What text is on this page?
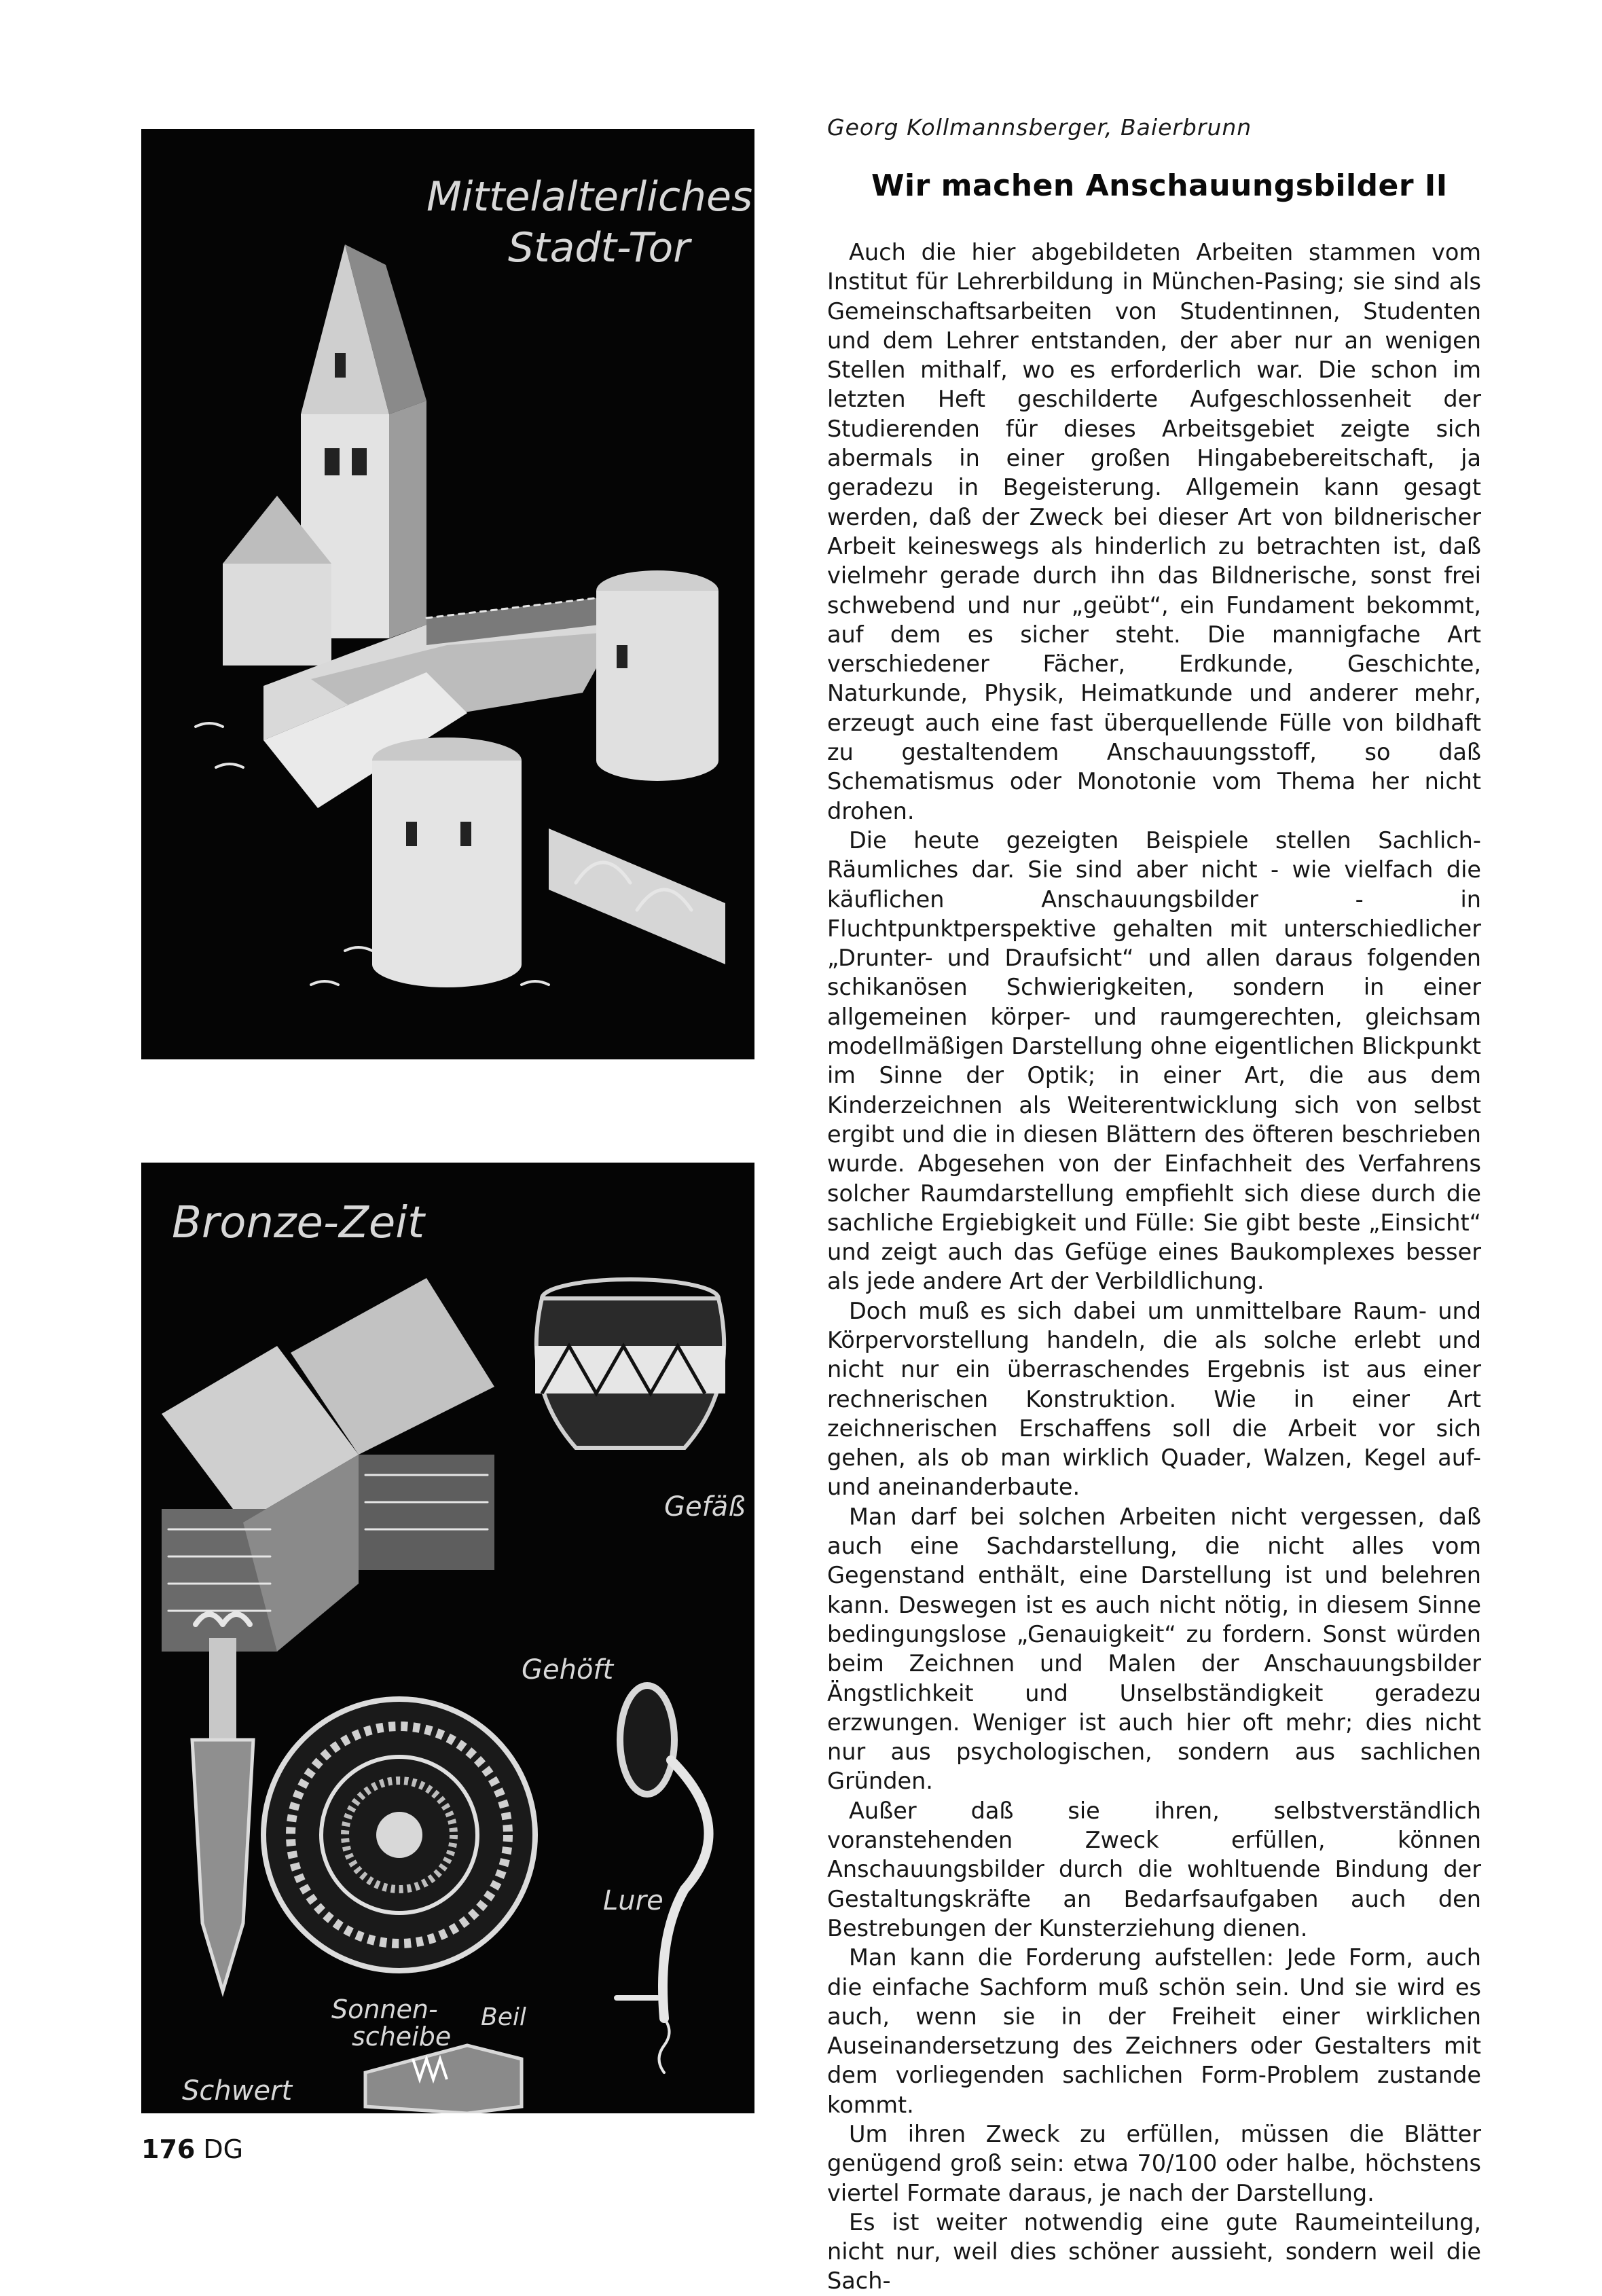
Mittelalterliches
Stadt-Tor
Bronze-Zeit
Gefäß
Gehöft
Lure
Sonnen-
scheibe
Schwert
Beil
Georg Kollmannsberger, Baierbrunn
Wir machen Anschauungsbilder II

Auch die hier abgebildeten Arbeiten stammen vom Institut für Lehrerbildung in München-Pasing; sie sind als Gemeinschaftsarbeiten von Studentinnen, Studenten und dem Lehrer entstanden, der aber nur an wenigen Stellen mithalf, wo es erforderlich war. Die schon im letzten Heft geschilderte Aufgeschlossenheit der Studierenden für dieses Arbeitsgebiet zeigte sich abermals in einer großen Hingabebereitschaft, ja geradezu in Begeisterung. Allgemein kann gesagt werden, daß der Zweck bei dieser Art von bildnerischer Arbeit keineswegs als hinderlich zu betrachten ist, daß vielmehr gerade durch ihn das Bildnerische, sonst frei schwebend und nur „geübt“, ein Fundament bekommt, auf dem es sicher steht. Die mannigfache Art verschiedener Fächer, Erdkunde, Geschichte, Naturkunde, Physik, Heimatkunde und anderer mehr, erzeugt auch eine fast überquellende Fülle von bildhaft zu gestaltendem Anschauungsstoff, so daß Schematismus oder Monotonie vom Thema her nicht drohen.

Die heute gezeigten Beispiele stellen Sachlich-Räumliches dar. Sie sind aber nicht - wie vielfach die käuflichen Anschauungsbilder - in Fluchtpunktperspektive gehalten mit unterschiedlicher „Drunter- und Draufsicht“ und allen daraus folgenden schikanösen Schwierigkeiten, sondern in einer allgemeinen körper- und raumgerechten, gleichsam modellmäßigen Darstellung ohne eigentlichen Blickpunkt im Sinne der Optik; in einer Art, die aus dem Kinderzeichnen als Weiterentwicklung sich von selbst ergibt und die in diesen Blättern des öfteren beschrieben wurde. Abgesehen von der Einfachheit des Verfahrens solcher Raumdarstellung empfiehlt sich diese durch die sachliche Ergiebigkeit und Fülle: Sie gibt beste „Einsicht“ und zeigt auch das Gefüge eines Baukomplexes besser als jede andere Art der Verbildlichung.

Doch muß es sich dabei um unmittelbare Raum- und Körpervorstellung handeln, die als solche erlebt und nicht nur ein überraschendes Ergebnis ist aus einer rechnerischen Konstruktion. Wie in einer Art zeichnerischen Erschaffens soll die Arbeit vor sich gehen, als ob man wirklich Quader, Walzen, Kegel auf- und aneinanderbaute.

Man darf bei solchen Arbeiten nicht vergessen, daß auch eine Sachdarstellung, die nicht alles vom Gegenstand enthält, eine Darstellung ist und belehren kann. Deswegen ist es auch nicht nötig, in diesem Sinne bedingungslose „Genauigkeit“ zu fordern. Sonst würden beim Zeichnen und Malen der Anschauungsbilder Ängstlichkeit und Unselbständigkeit geradezu erzwungen. Weniger ist auch hier oft mehr; dies nicht nur aus psychologischen, sondern aus sachlichen Gründen.

Außer daß sie ihren, selbstverständlich voranstehenden Zweck erfüllen, können Anschauungsbilder durch die wohltuende Bindung der Gestaltungskräfte an Bedarfsaufgaben auch den Bestrebungen der Kunsterziehung dienen.

Man kann die Forderung aufstellen: Jede Form, auch die einfache Sachform muß schön sein. Und sie wird es auch, wenn sie in der Freiheit einer wirklichen Auseinandersetzung des Zeichners oder Gestalters mit dem vorliegenden sachlichen Form-Problem zustande kommt.

Um ihren Zweck zu erfüllen, müssen die Blätter genügend groß sein: etwa 70/100 oder halbe, höchstens viertel Formate daraus, je nach der Darstellung.

Es ist weiter notwendig eine gute Raumeinteilung, nicht nur, weil dies schöner aussieht, sondern weil die Sach-

176 DG
